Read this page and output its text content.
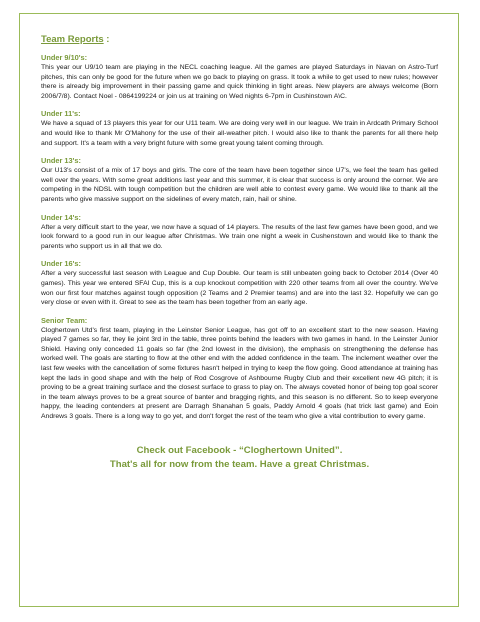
Team Reports :

Under 9/10's:

This year our U9/10 team are playing in the NECL coaching league. All the games are played Saturdays in Navan on Astro-Turf pitches, this can only be good for the future when we go back to playing on grass. It took a while to get used to new rules; however there is already big improvement in their passing game and quick thinking in tight areas. New players are always welcome (Born 2006/7/8). Contact Noel - 0864199224 or join us at training on Wed nights 6-7pm in Cushinstown A\C.

Under 11's:

We have a squad of 13 players this year for our U11 team. We are doing very well in our league. We train in Ardcath Primary School and would like to thank Mr O'Mahony for the use of their all-weather pitch. I would also like to thank the parents for all there help and support. It's a team with a very bright future with some great young talent coming through.

Under 13's:

Our U13's consist of a mix of 17 boys and girls. The core of the team have been together since U7's, we feel the team has gelled well over the years. With some great additions last year and this summer, it is clear that success is only around the corner. We are competing in the NDSL with tough competition but the children are well able to contest every game. We would like to thank all the parents who give massive support on the sidelines of every match, rain, hail or shine.

Under 14's:

After a very difficult start to the year, we now have a squad of 14 players. The results of the last few games have been good, and we look forward to a good run in our league after Christmas. We train one night a week in Cushenstown and would like to thank the parents who support us in all that we do.

Under 16's:

After a very successful last season with League and Cup Double. Our team is still unbeaten going back to October 2014 (Over 40 games). This year we entered SFAI Cup, this is a cup knockout competition with 220 other teams from all over the country. We've won our first four matches against tough opposition (2 Teams and 2 Premier teams) and are into the last 32. Hopefully we can go very close or even with it. Great to see as the team has been together from an early age.

Senior Team:

Cloghertown Utd's first team, playing in the Leinster Senior League, has got off to an excellent start to the new season. Having played 7 games so far, they lie joint 3rd in the table, three points behind the leaders with two games in hand. In the Leinster Junior Shield. Having only conceded 11 goals so far (the 2nd lowest in the division), the emphasis on strengthening the defense has worked well. The goals are starting to flow at the other end with the added confidence in the team. The inclement weather over the last few weeks with the cancellation of some fixtures hasn't helped in trying to keep the flow going. Good attendance at training has kept the lads in good shape and with the help of Rod Cosgrove of Ashbourne Rugby Club and their excellent new 4G pitch; it is proving to be a great training surface and the closest surface to grass to play on. The always coveted honor of being top goal scorer in the team always proves to be a great source of banter and bragging rights, and this season is no different. So to keep everyone happy, the leading contenders at present are Darragh Shanahan 5 goals, Paddy Arnold 4 goals (hat trick last game) and Eoin Andrews 3 goals. There is a long way to go yet, and don't forget the rest of the team who give a vital contribution to every game.

Check out Facebook - “Cloghertown United”.
That's all for now from the team. Have a great Christmas.
